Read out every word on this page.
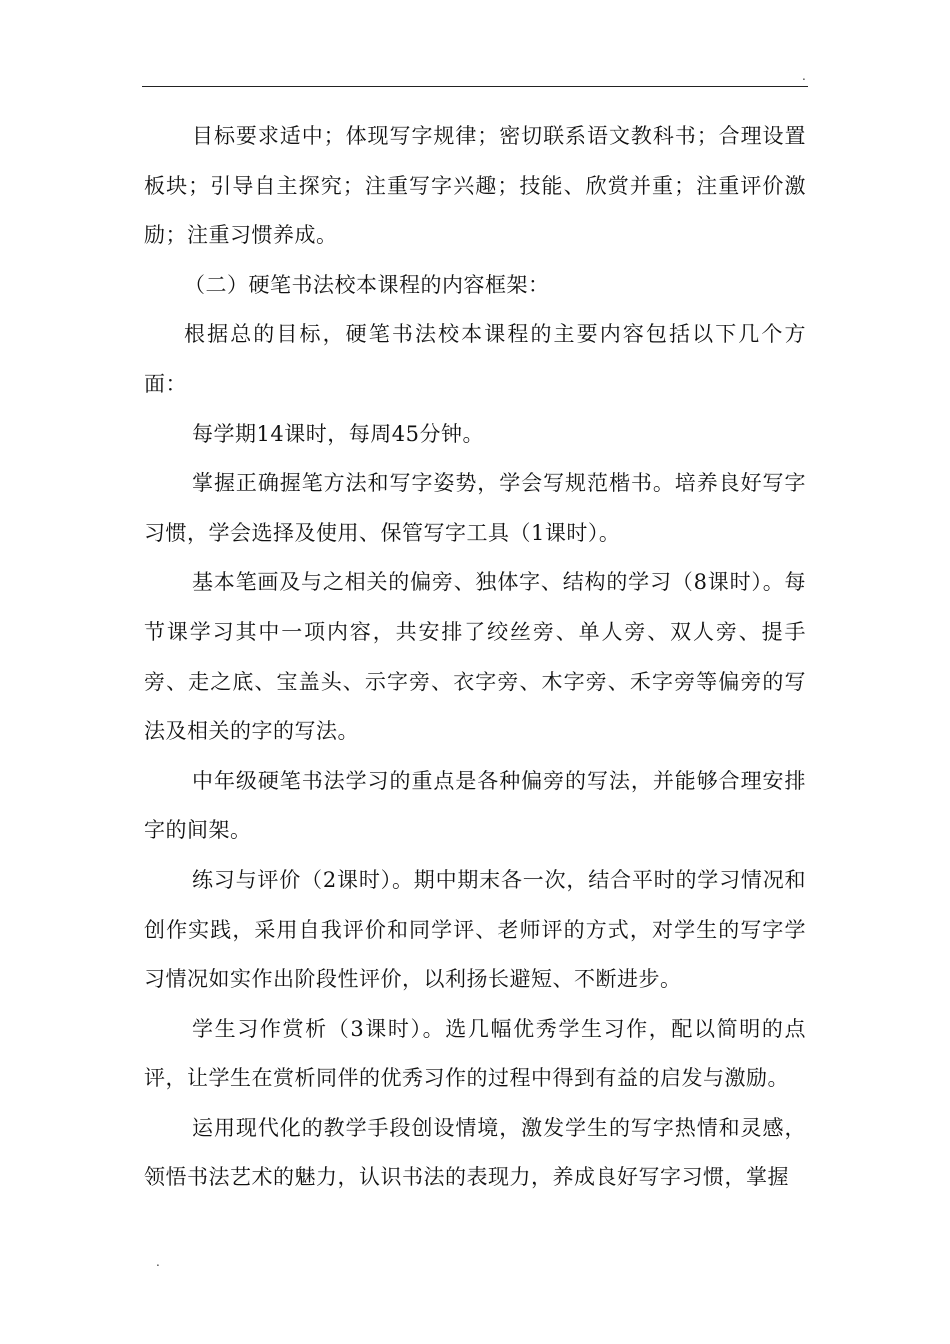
.

目标要求适中；体现写字规律；密切联系语文教科书；合理设置板块；引导自主探究；注重写字兴趣；技能、欣赏并重；注重评价激励；注重习惯养成。

（二）硬笔书法校本课程的内容框架：

根据总的目标，硬笔书法校本课程的主要内容包括以下几个方面：

每学期14课时，每周45分钟。

掌握正确握笔方法和写字姿势，学会写规范楷书。培养良好写字习惯，学会选择及使用、保管写字工具（1课时）。

基本笔画及与之相关的偏旁、独体字、结构的学习（8课时）。每节课学习其中一项内容，共安排了绞丝旁、单人旁、双人旁、提手旁、走之底、宝盖头、示字旁、衣字旁、木字旁、禾字旁等偏旁的写法及相关的字的写法。

中年级硬笔书法学习的重点是各种偏旁的写法，并能够合理安排字的间架。

练习与评价（2课时）。期中期末各一次，结合平时的学习情况和创作实践，采用自我评价和同学评、老师评的方式，对学生的写字学习情况如实作出阶段性评价，以利扬长避短、不断进步。

学生习作赏析（3课时）。选几幅优秀学生习作，配以简明的点评，让学生在赏析同伴的优秀习作的过程中得到有益的启发与激励。

运用现代化的教学手段创设情境，激发学生的写字热情和灵感，领悟书法艺术的魅力，认识书法的表现力，养成良好写字习惯，掌握

.
